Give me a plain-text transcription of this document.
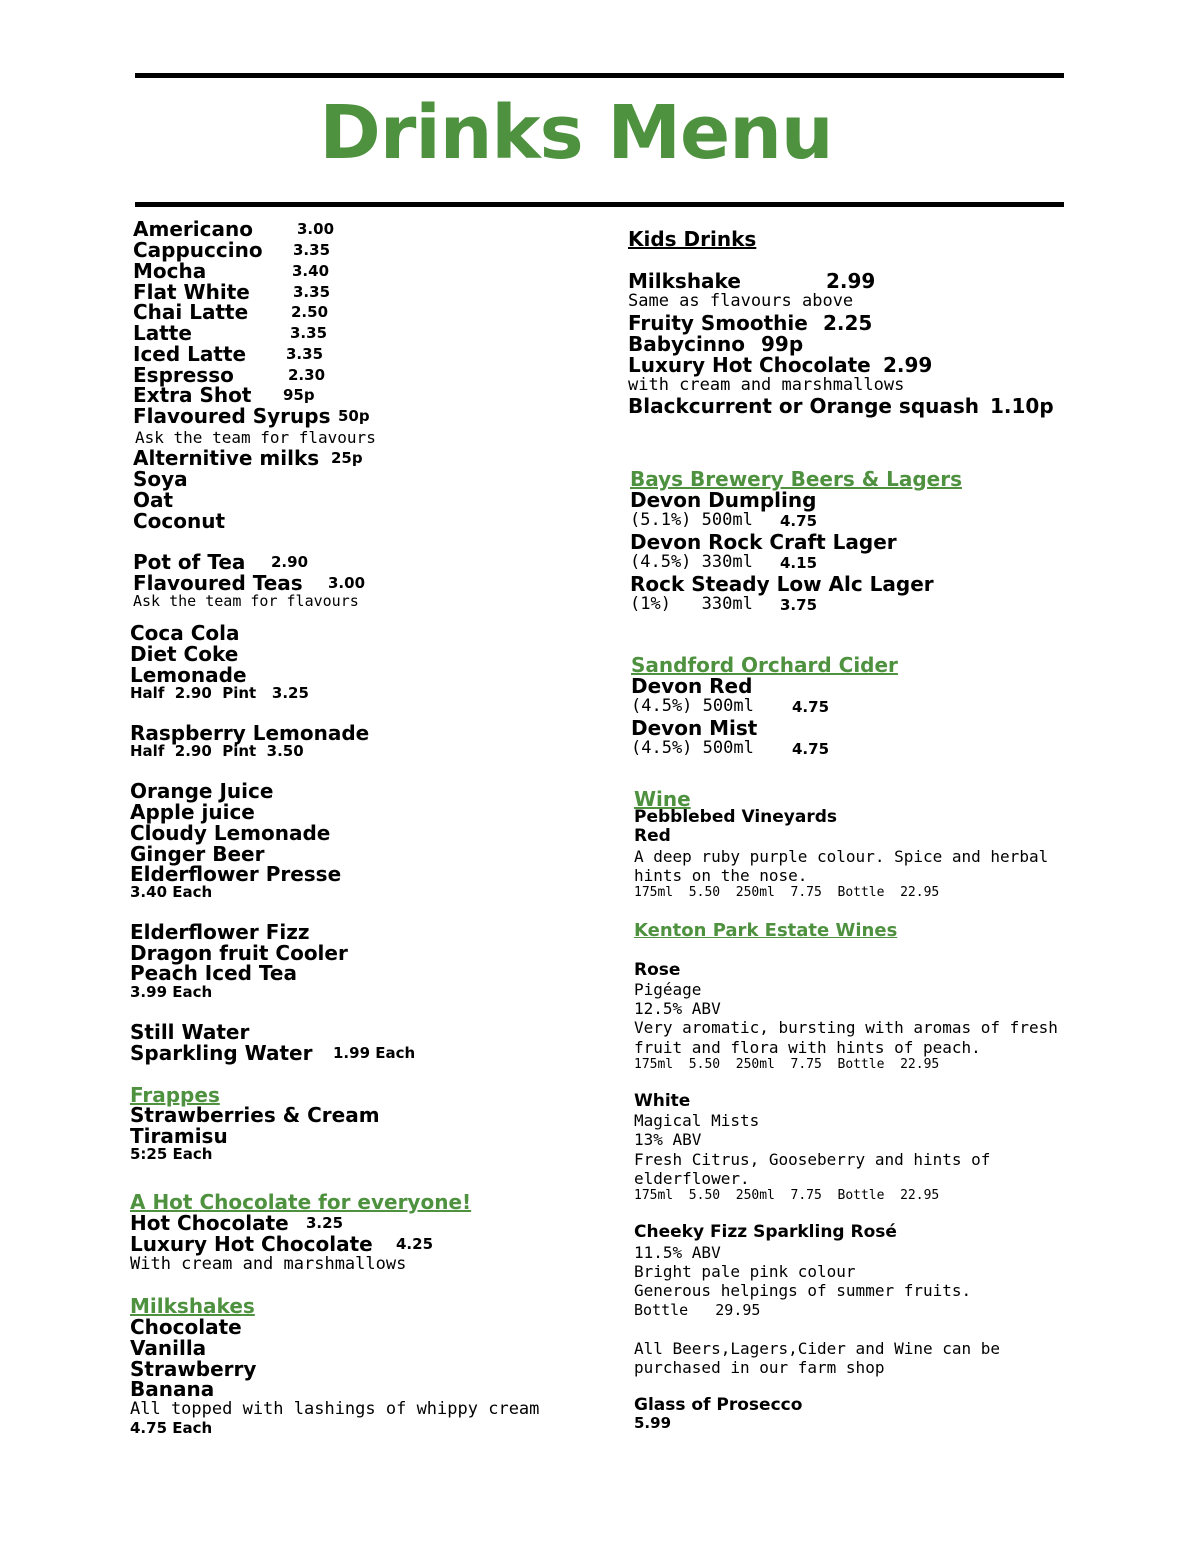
Drinks Menu
Americano	3.00
Cappuccino 3.35
Mocha	3.40
Flat White	3.35
Chai Latte	2.50
Latte	3.35
Iced Latte	3.35
Espresso	2.30
Extra Shot 95p
Flavoured Syrups 50p
Ask the team for flavours
Alternitive milks 25p
Soya
Oat
Coconut
Pot of Tea 2.90
Flavoured Teas 3.00
Ask the team for flavours
Coca Cola
Diet Coke
Lemonade
Half  2.90  Pint   3.25
Raspberry Lemonade
Half  2.90  Pint  3.50
Orange Juice
Apple juice
Cloudy Lemonade
Ginger Beer
Elderflower Presse
3.40 Each
Elderflower Fizz
Dragon fruit Cooler
Peach Iced Tea
3.99 Each
Still Water
Sparkling Water 1.99 Each
Frappes
Strawberries & Cream
Tiramisu
5:25 Each
A Hot Chocolate for everyone!
Hot Chocolate 3.25
Luxury Hot Chocolate 4.25
With cream and marshmallows
Milkshakes
Chocolate
Vanilla
Strawberry
Banana
All topped with lashings of whippy cream
4.75 Each
Kids Drinks
Milkshake	2.99
Same as flavours above
Fruity Smoothie 2.25
Babycinno 99p
Luxury Hot Chocolate 2.99
with cream and marshmallows
Blackcurrent or Orange squash 1.10p
Bays Brewery Beers & Lagers
Devon Dumpling
(5.1%) 500ml 4.75
Devon Rock Craft Lager
(4.5%) 330ml 4.15
Rock Steady Low Alc Lager
(1%)   330ml 3.75
Sandford Orchard Cider
Devon Red
(4.5%) 500ml	4.75
Devon Mist
(4.5%) 500ml	4.75
Wine
Pebblebed Vineyards
Red
A deep ruby purple colour. Spice and herbal
hints on the nose.
175ml  5.50  250ml  7.75  Bottle  22.95
Kenton Park Estate Wines
Rose
Pigéage
12.5% ABV
Very aromatic, bursting with aromas of fresh
fruit and flora with hints of peach.
175ml  5.50  250ml  7.75  Bottle  22.95
White
Magical Mists
13% ABV
Fresh Citrus, Gooseberry and hints of
elderflower.
175ml  5.50  250ml  7.75  Bottle  22.95
Cheeky Fizz Sparkling Rosé
11.5% ABV
Bright pale pink colour
Generous helpings of summer fruits.
Bottle   29.95
All Beers,Lagers,Cider and Wine can be
purchased in our farm shop
Glass of Prosecco
5.99
